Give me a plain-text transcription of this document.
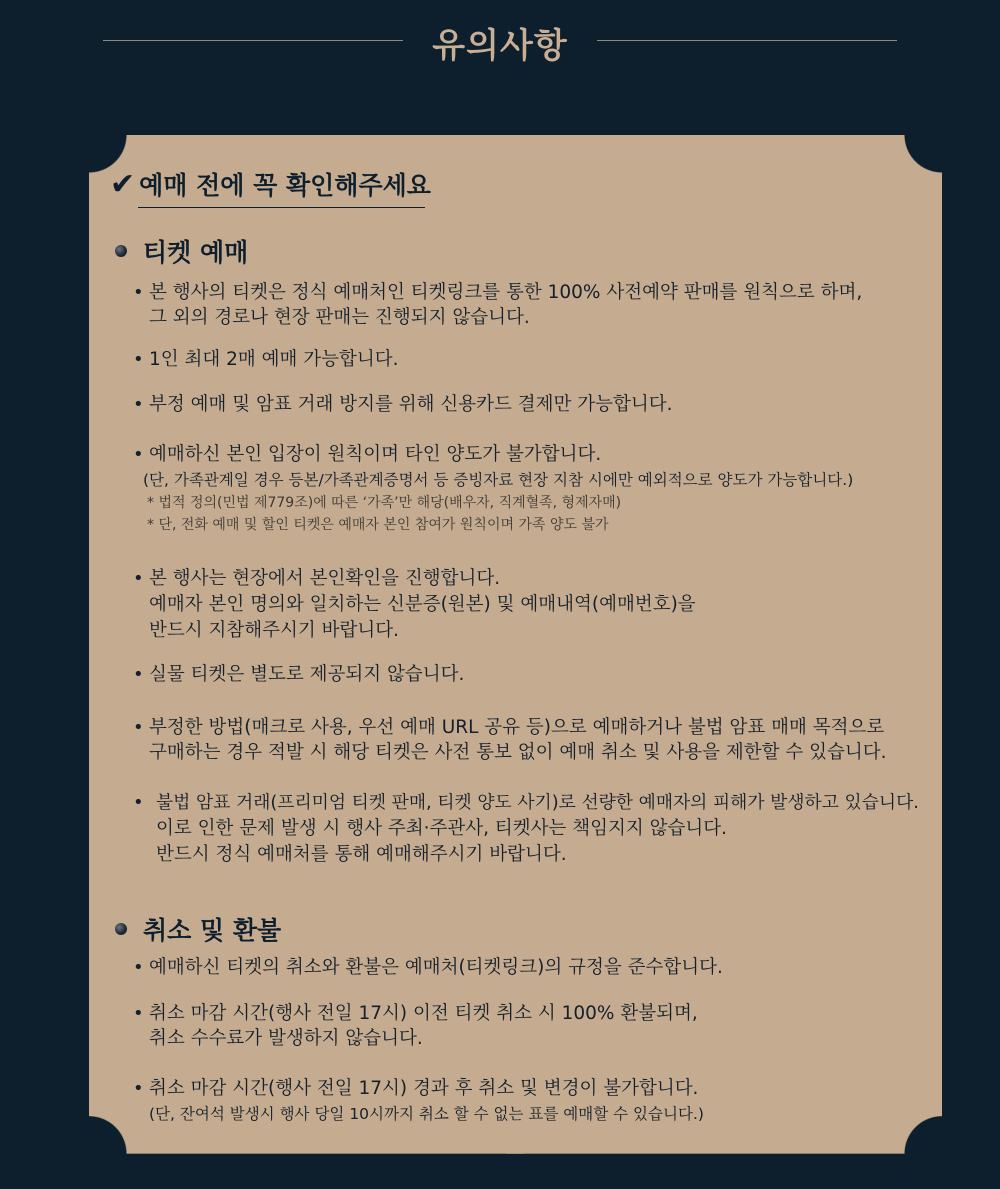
유의사항
✔ 예매 전에 꼭 확인해주세요
티켓 예매
• 본 행사의 티켓은 정식 예매처인 티켓링크를 통한 100% 사전예약 판매를 원칙으로 하며,
그 외의 경로나 현장 판매는 진행되지 않습니다.
• 1인 최대 2매 예매 가능합니다.
• 부정 예매 및 암표 거래 방지를 위해 신용카드 결제만 가능합니다.
• 예매하신 본인 입장이 원칙이며 타인 양도가 불가합니다.
(단, 가족관계일 경우 등본/가족관계증명서 등 증빙자료 현장 지참 시에만 예외적으로 양도가 가능합니다.)
* 법적 정의(민법 제779조)에 따른 ‘가족’만 해당(배우자, 직계혈족, 형제자매)
* 단, 전화 예매 및 할인 티켓은 예매자 본인 참여가 원칙이며 가족 양도 불가
• 본 행사는 현장에서 본인확인을 진행합니다.
예매자 본인 명의와 일치하는 신분증(원본) 및 예매내역(예매번호)을
반드시 지참해주시기 바랍니다.
• 실물 티켓은 별도로 제공되지 않습니다.
• 부정한 방법(매크로 사용, 우선 예매 URL 공유 등)으로 예매하거나 불법 암표 매매 목적으로
구매하는 경우 적발 시 해당 티켓은 사전 통보 없이 예매 취소 및 사용을 제한할 수 있습니다.
• 불법 암표 거래(프리미엄 티켓 판매, 티켓 양도 사기)로 선량한 예매자의 피해가 발생하고 있습니다.
이로 인한 문제 발생 시 행사 주최·주관사, 티켓사는 책임지지 않습니다.
반드시 정식 예매처를 통해 예매해주시기 바랍니다.
취소 및 환불
• 예매하신 티켓의 취소와 환불은 예매처(티켓링크)의 규정을 준수합니다.
• 취소 마감 시간(행사 전일 17시) 이전 티켓 취소 시 100% 환불되며,
취소 수수료가 발생하지 않습니다.
• 취소 마감 시간(행사 전일 17시) 경과 후 취소 및 변경이 불가합니다.
(단, 잔여석 발생시 행사 당일 10시까지 취소 할 수 없는 표를 예매할 수 있습니다.)
